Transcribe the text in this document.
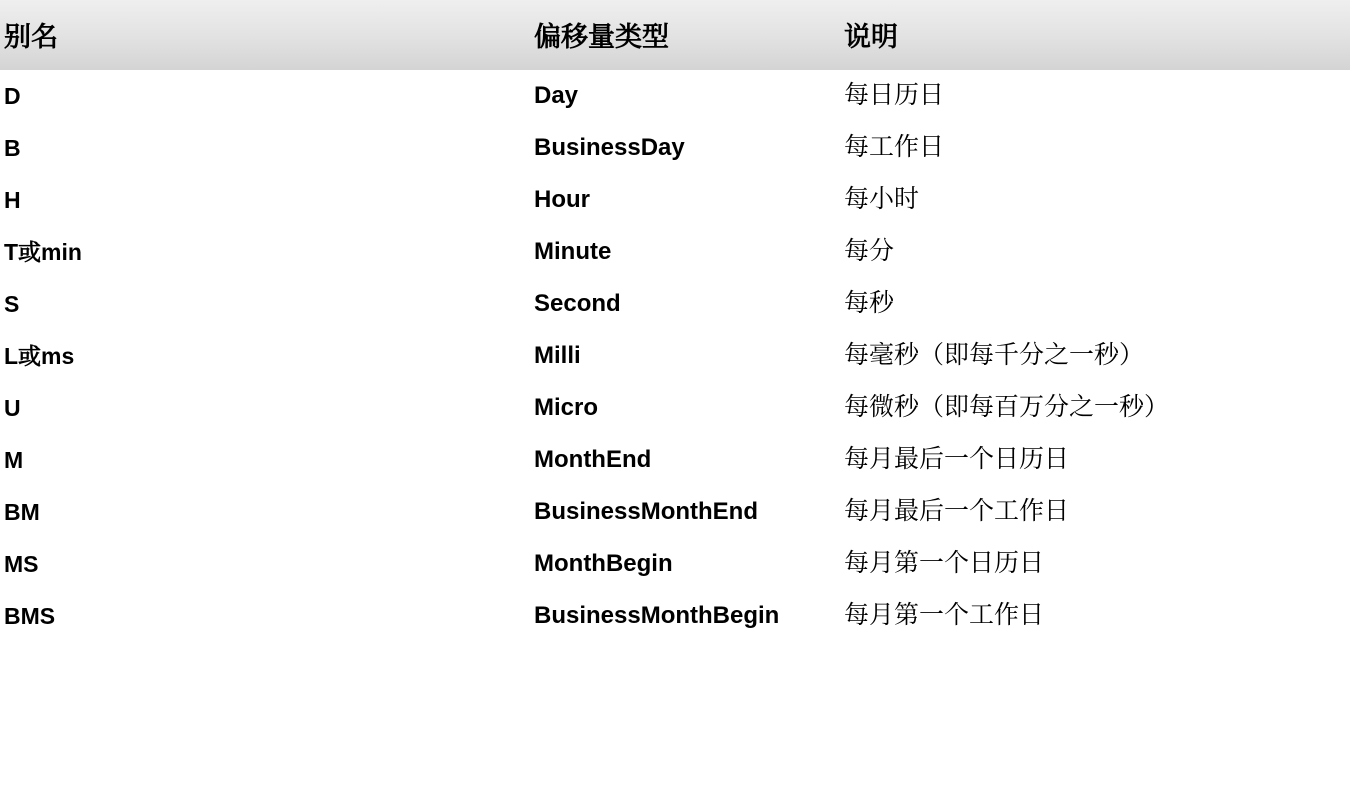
别名	偏移量类型	说明
D	Day	每日历日
B	BusinessDay	每工作日
H	Hour	每小时
T或min	Minute	每分
S	Second	每秒
L或ms	Milli	每毫秒（即每千分之一秒）
U	Micro	每微秒（即每百万分之一秒）
M	MonthEnd	每月最后一个日历日
BM	BusinessMonthEnd	每月最后一个工作日
MS	MonthBegin	每月第一个日历日
BMS	BusinessMonthBegin	每月第一个工作日
